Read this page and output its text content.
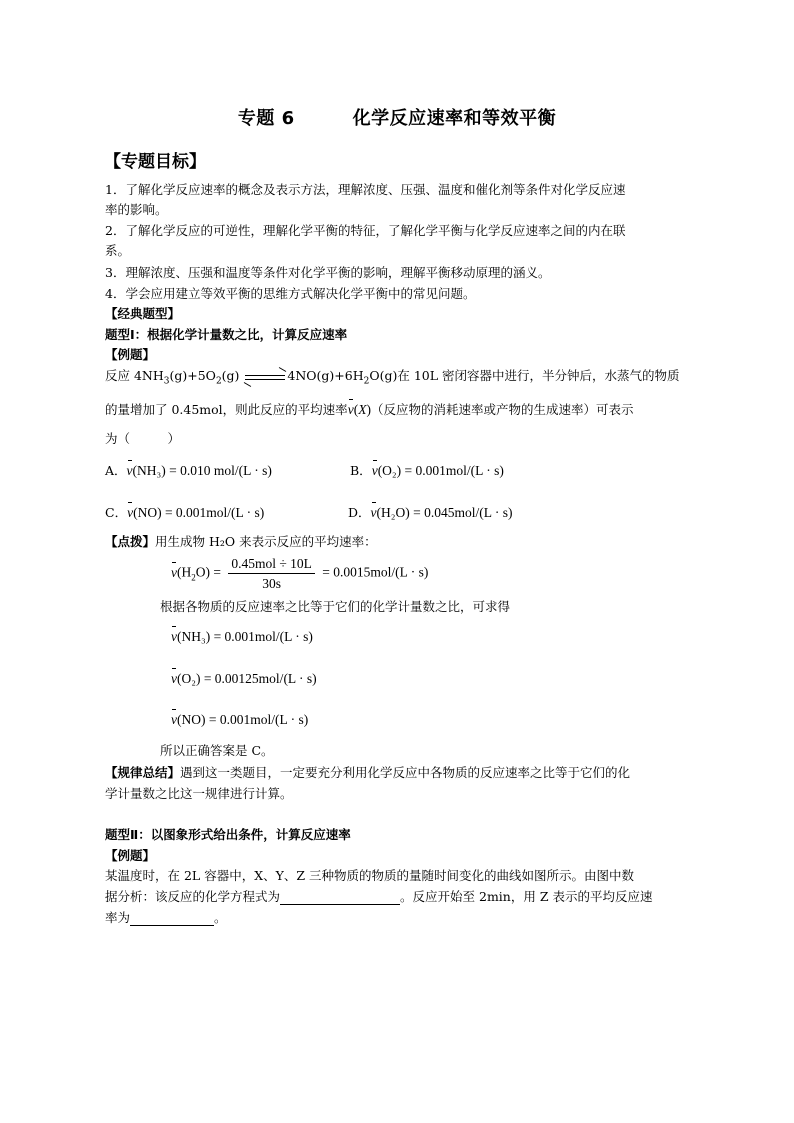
专题 6	化学反应速率和等效平衡
【专题目标】
1．了解化学反应速率的概念及表示方法，理解浓度、压强、温度和催化剂等条件对化学反应速
率的影响。
2．了解化学反应的可逆性，理解化学平衡的特征，了解化学平衡与化学反应速率之间的内在联
系。
3．理解浓度、压强和温度等条件对化学平衡的影响，理解平衡移动原理的涵义。
4．学会应用建立等效平衡的思维方式解决化学平衡中的常见问题。
【经典题型】
题型Ⅰ：根据化学计量数之比，计算反应速率
【例题】
反应 $4NH_3(g)+5O_2(g)$	$4NO(g)+6H_2O(g)$在 10L 密闭容器中进行，半分钟后，水蒸气的物质
的量增加了 0.45mol，则此反应的平均速率v(X)（反应物的消耗速率或产物的生成速率）可表示
为（　　　）
A．v(NH₃) = 0.010 mol/(L · s)	B．v(O₂) = 0.001mol/(L · s)
C．v(NO) = 0.001mol/(L · s)	D．v(H₂O) = 0.045mol/(L · s)
【点拨】用生成物 H₂O 来表示反应的平均速率：
$v(H_2O) = \frac{\text{0.45mol ÷ 10L}}{30s} = 0.0015mol/(L \cdot s)$
根据各物质的反应速率之比等于它们的化学计量数之比，可求得
v(NH₃) = 0.001mol/(L · s)
v(O₂) = 0.00125mol/(L · s)
v(NO) = 0.001mol/(L · s)
所以正确答案是 C。
【规律总结】遇到这一类题目，一定要充分利用化学反应中各物质的反应速率之比等于它们的化
学计量数之比这一规律进行计算。
题型Ⅱ：以图象形式给出条件，计算反应速率
【例题】
某温度时，在 2L 容器中，X、Y、Z 三种物质的物质的量随时间变化的曲线如图所示。由图中数
据分析：该反应的化学方程式为	。反应开始至 2min，用 Z 表示的平均反应速
率为	。
